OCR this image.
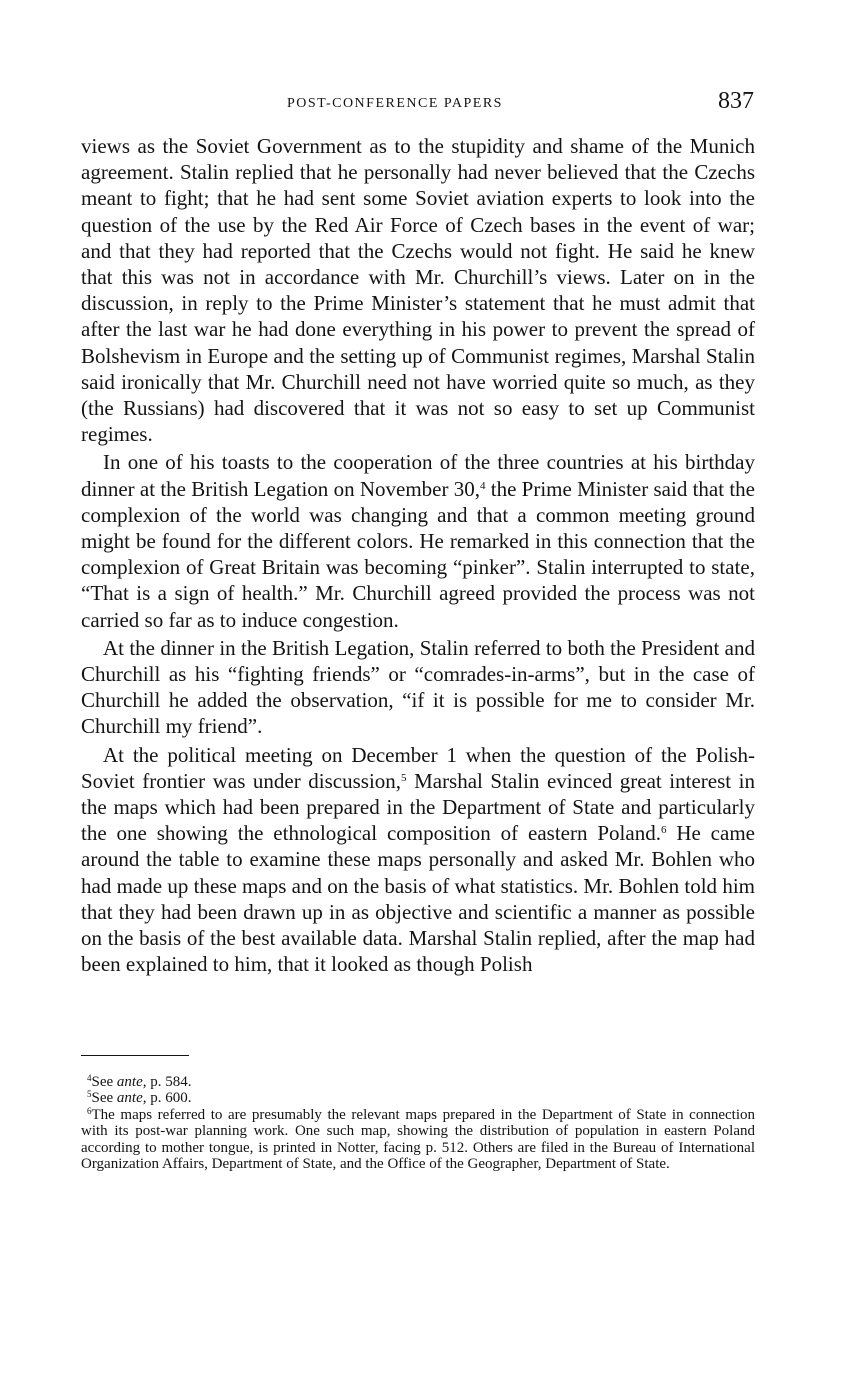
POST-CONFERENCE PAPERS	837

views as the Soviet Government as to the stupidity and shame of the Munich agreement. Stalin replied that he personally had never believed that the Czechs meant to fight; that he had sent some Soviet aviation experts to look into the question of the use by the Red Air Force of Czech bases in the event of war; and that they had reported that the Czechs would not fight. He said he knew that this was not in accordance with Mr. Churchill’s views. Later on in the discussion, in reply to the Prime Minister’s statement that he must admit that after the last war he had done everything in his power to prevent the spread of Bolshevism in Europe and the setting up of Communist regimes, Marshal Stalin said ironically that Mr. Churchill need not have worried quite so much, as they (the Russians) had discovered that it was not so easy to set up Communist regimes.

In one of his toasts to the cooperation of the three countries at his birthday dinner at the British Legation on November 30,$^4$ the Prime Minister said that the complexion of the world was changing and that a common meeting ground might be found for the different colors. He remarked in this connection that the complexion of Great Britain was becoming “pinker”. Stalin interrupted to state, “That is a sign of health.” Mr. Churchill agreed provided the process was not carried so far as to induce congestion.

At the dinner in the British Legation, Stalin referred to both the President and Churchill as his “fighting friends” or “comrades-in-arms”, but in the case of Churchill he added the observation, “if it is possible for me to consider Mr. Churchill my friend”.

At the political meeting on December 1 when the question of the Polish-Soviet frontier was under discussion,$^5$ Marshal Stalin evinced great interest in the maps which had been prepared in the Department of State and particularly the one showing the ethnological composition of eastern Poland.$^6$ He came around the table to examine these maps personally and asked Mr. Bohlen who had made up these maps and on the basis of what statistics. Mr. Bohlen told him that they had been drawn up in as objective and scientific a manner as possible on the basis of the best available data. Marshal Stalin replied, after the map had been explained to him, that it looked as though Polish

$^4$See ante, p. 584.

$^5$See ante, p. 600.

$^6$The maps referred to are presumably the relevant maps prepared in the Department of State in connection with its post-war planning work. One such map, showing the distribution of population in eastern Poland according to mother tongue, is printed in Notter, facing p. 512. Others are filed in the Bureau of International Organization Affairs, Department of State, and the Office of the Geographer, Department of State.
